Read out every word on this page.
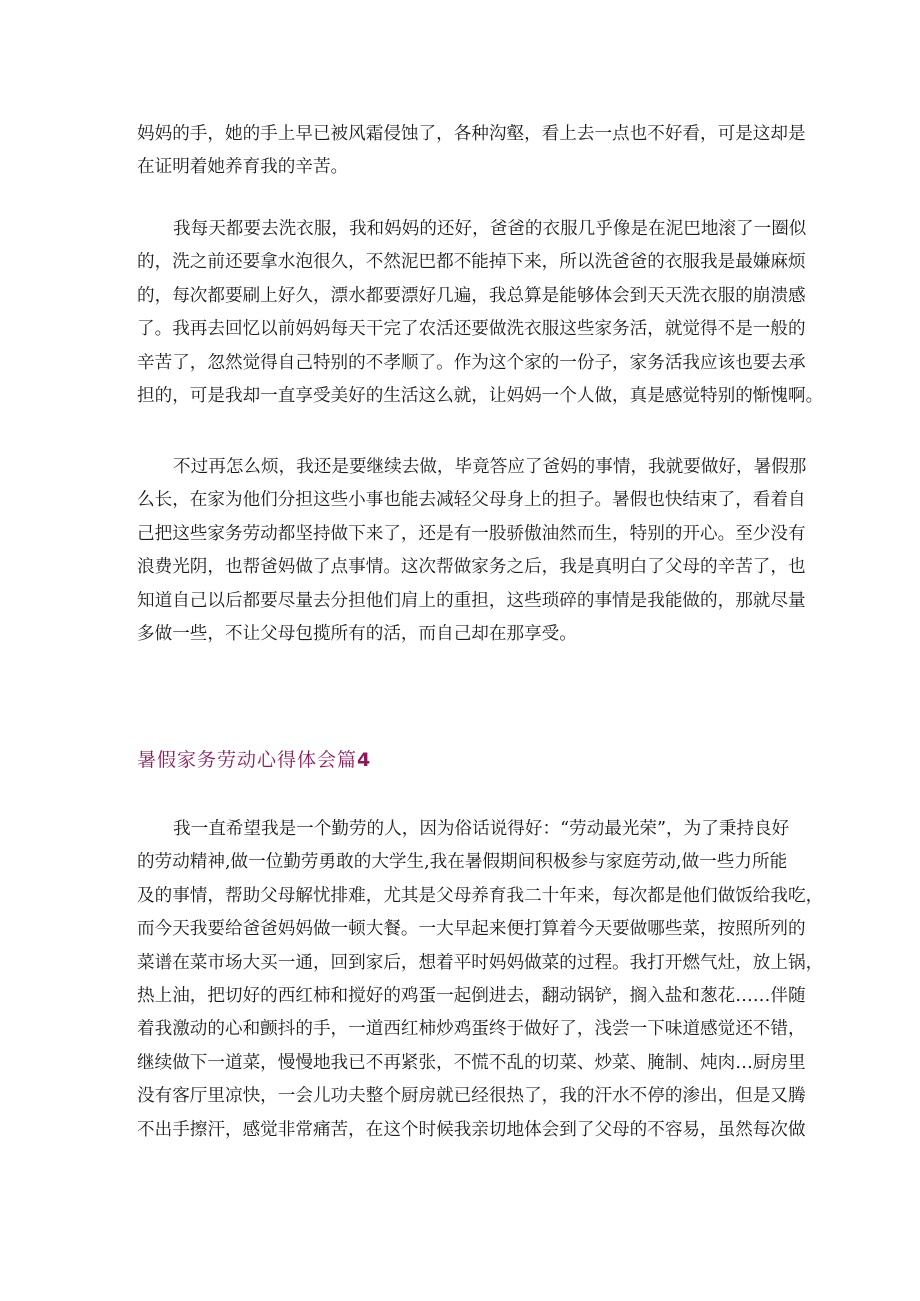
妈妈的手，她的手上早已被风霜侵蚀了，各种沟壑，看上去一点也不好看，可是这却是
在证明着她养育我的辛苦。
我每天都要去洗衣服，我和妈妈的还好，爸爸的衣服几乎像是在泥巴地滚了一圈似
的，洗之前还要拿水泡很久，不然泥巴都不能掉下来，所以洗爸爸的衣服我是最嫌麻烦
的，每次都要刷上好久，漂水都要漂好几遍，我总算是能够体会到天天洗衣服的崩溃感
了。我再去回忆以前妈妈每天干完了农活还要做洗衣服这些家务活，就觉得不是一般的
辛苦了，忽然觉得自己特别的不孝顺了。作为这个家的一份子，家务活我应该也要去承
担的，可是我却一直享受美好的生活这么就，让妈妈一个人做，真是感觉特别的惭愧啊。
不过再怎么烦，我还是要继续去做，毕竟答应了爸妈的事情，我就要做好，暑假那
么长，在家为他们分担这些小事也能去减轻父母身上的担子。暑假也快结束了，看着自
己把这些家务劳动都坚持做下来了，还是有一股骄傲油然而生，特别的开心。至少没有
浪费光阴，也帮爸妈做了点事情。这次帮做家务之后，我是真明白了父母的辛苦了，也
知道自己以后都要尽量去分担他们肩上的重担，这些琐碎的事情是我能做的，那就尽量
多做一些，不让父母包揽所有的活，而自己却在那享受。
暑假家务劳动心得体会篇4
我一直希望我是一个勤劳的人，因为俗话说得好：“劳动最光荣”，为了秉持良好
的劳动精神,做一位勤劳勇敢的大学生,我在暑假期间积极参与家庭劳动,做一些力所能
及的事情，帮助父母解忧排难，尤其是父母养育我二十年来，每次都是他们做饭给我吃，
而今天我要给爸爸妈妈做一顿大餐。一大早起来便打算着今天要做哪些菜，按照所列的
菜谱在菜市场大买一通，回到家后，想着平时妈妈做菜的过程。我打开燃气灶，放上锅，
热上油，把切好的西红柿和搅好的鸡蛋一起倒进去，翻动锅铲，搁入盐和葱花……伴随
着我激动的心和颤抖的手，一道西红柿炒鸡蛋终于做好了，浅尝一下味道感觉还不错，
继续做下一道菜，慢慢地我已不再紧张，不慌不乱的切菜、炒菜、腌制、炖肉…厨房里
没有客厅里凉快，一会儿功夫整个厨房就已经很热了，我的汗水不停的渗出，但是又腾
不出手擦汗，感觉非常痛苦，在这个时候我亲切地体会到了父母的不容易，虽然每次做
